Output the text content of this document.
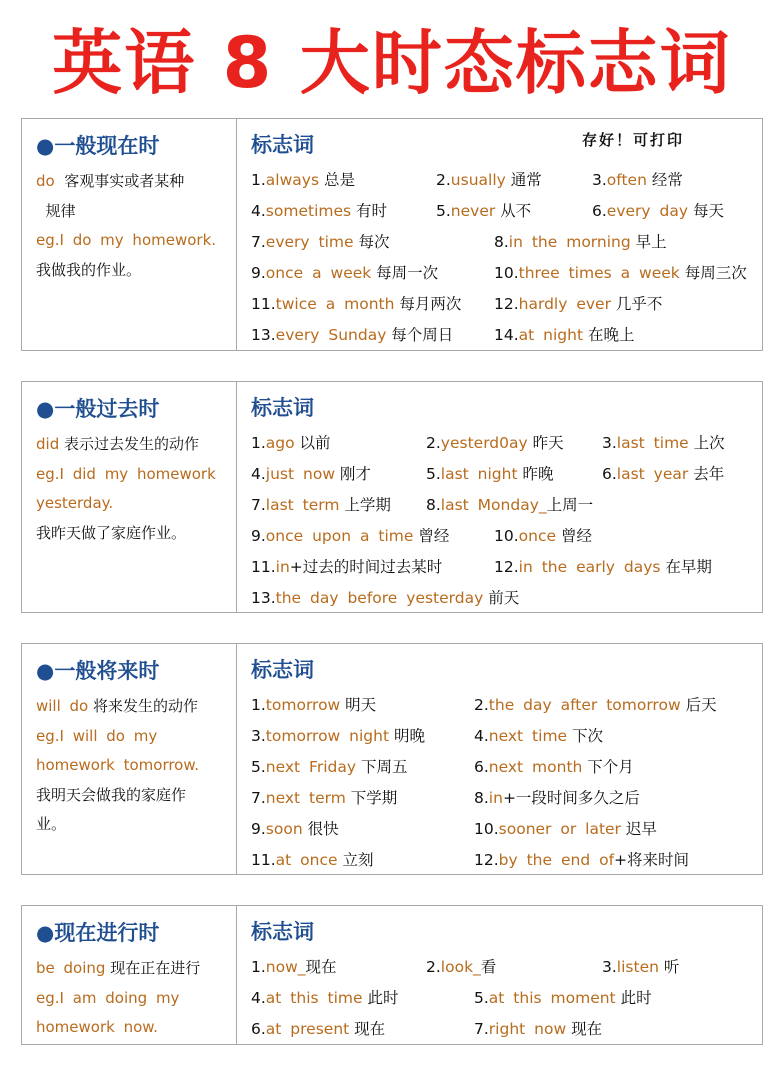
英语 8 大时态标志词
●一般现在时
do  客观事实或者某种
规律
eg.I do my homework.
我做我的作业。
标志词	存好！可打印
1.always 总是	2.usually 通常	3.often 经常
4.sometimes 有时	5.never 从不	6.every day 每天
7.every time 每次	8.in the morning 早上
9.once a week 每周一次	10.three times a week 每周三次
11.twice a month 每月两次 12.hardly ever 几乎不
13.every Sunday 每个周日	14.at night 在晚上
●一般过去时
did 表示过去发生的动作
eg.I did my homework
yesterday.
我昨天做了家庭作业。
标志词
1.ago 以前	2.yesterd0ay 昨天 3.last time 上次
4.just now 刚才	5.last night 昨晚	6.last year 去年
7.last term 上学期 8.last Monday_上周一
9.once upon a time 曾经	10.once 曾经
11.in+过去的时间过去某时	12.in the early days 在早期
13.the day before yesterday 前天
●一般将来时
will do 将来发生的动作
eg.I will do my
homework tomorrow.
我明天会做我的家庭作
业。
标志词
1.tomorrow 明天	2.the day after tomorrow 后天
3.tomorrow night 明晚	4.next time 下次
5.next Friday 下周五	6.next month 下个月
7.next term 下学期	8.in+一段时间多久之后
9.soon 很快	10.sooner or later 迟早
11.at once 立刻	12.by the end of+将来时间
●现在进行时
be doing 现在正在进行
eg.I am doing my
homework now.
标志词
1.now_现在	2.look_看	3.listen 听
4.at this time 此时	5.at this moment 此时
6.at present 现在	7.right now 现在
